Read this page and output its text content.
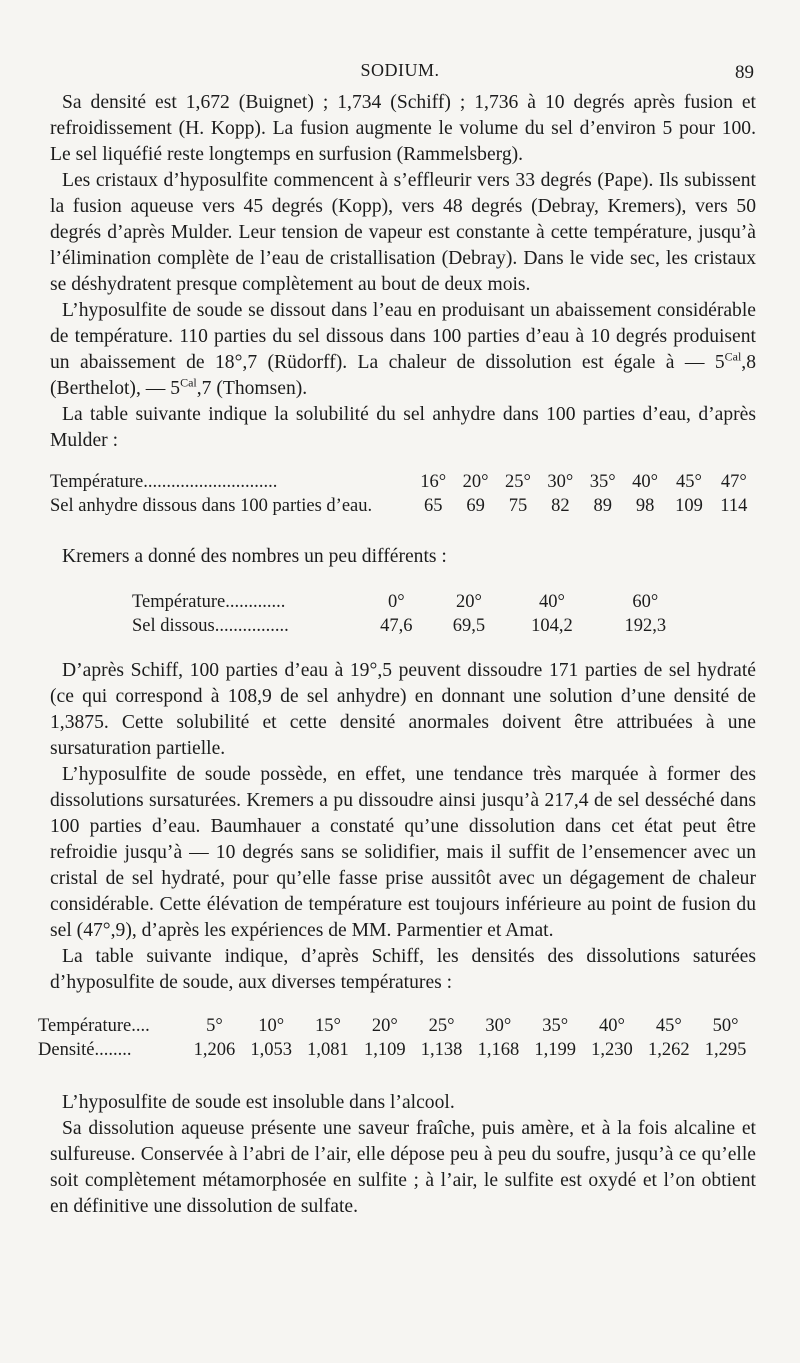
SODIUM.	89

Sa densité est 1,672 (Buignet) ; 1,734 (Schiff) ; 1,736 à 10 degrés après fusion et refroidissement (H. Kopp). La fusion augmente le volume du sel d’environ 5 pour 100. Le sel liquéfié reste longtemps en surfusion (Rammelsberg).

Les cristaux d’hyposulfite commencent à s’effleurir vers 33 degrés (Pape). Ils subissent la fusion aqueuse vers 45 degrés (Kopp), vers 48 degrés (Debray, Kremers), vers 50 degrés d’après Mulder. Leur tension de vapeur est constante à cette température, jusqu’à l’élimination complète de l’eau de cristallisation (Debray). Dans le vide sec, les cristaux se déshydratent presque complètement au bout de deux mois.

L’hyposulfite de soude se dissout dans l’eau en produisant un abaissement considérable de température. 110 parties du sel dissous dans 100 parties d’eau à 10 degrés produisent un abaissement de 18°,7 (Rüdorff). La chaleur de dissolution est égale à — $5^{Cal},8$ (Berthelot), — $5^{Cal},7$ (Thomsen).

La table suivante indique la solubilité du sel anhydre dans 100 parties d’eau, d’après Mulder :

Température.............................	16°	20°	25°	30°	35°	40°	45°	47°
Sel anhydre dissous dans 100 parties d’eau.	65	69	75	82	89	98	109	114

Kremers a donné des nombres un peu différents :

Température.............	0°	20°	40°	60°
Sel dissous................	47,6	69,5	104,2	192,3

D’après Schiff, 100 parties d’eau à 19°,5 peuvent dissoudre 171 parties de sel hydraté (ce qui correspond à 108,9 de sel anhydre) en donnant une solution d’une densité de 1,3875. Cette solubilité et cette densité anormales doivent être attribuées à une sursaturation partielle.

L’hyposulfite de soude possède, en effet, une tendance très marquée à former des dissolutions sursaturées. Kremers a pu dissoudre ainsi jusqu’à 217,4 de sel desséché dans 100 parties d’eau. Baumhauer a constaté qu’une dissolution dans cet état peut être refroidie jusqu’à — 10 degrés sans se solidifier, mais il suffit de l’ensemencer avec un cristal de sel hydraté, pour qu’elle fasse prise aussitôt avec un dégagement de chaleur considérable. Cette élévation de température est toujours inférieure au point de fusion du sel (47°,9), d’après les expériences de MM. Parmentier et Amat.

La table suivante indique, d’après Schiff, les densités des dissolutions saturées d’hyposulfite de soude, aux diverses températures :

Température....	5°	10°	15°	20°	25°	30°	35°	40°	45°	50°
Densité........	1,206	1,053	1,081	1,109	1,138	1,168	1,199	1,230	1,262	1,295

L’hyposulfite de soude est insoluble dans l’alcool.

Sa dissolution aqueuse présente une saveur fraîche, puis amère, et à la fois alcaline et sulfureuse. Conservée à l’abri de l’air, elle dépose peu à peu du soufre, jusqu’à ce qu’elle soit complètement métamorphosée en sulfite ; à l’air, le sulfite est oxydé et l’on obtient en définitive une dissolution de sulfate.
